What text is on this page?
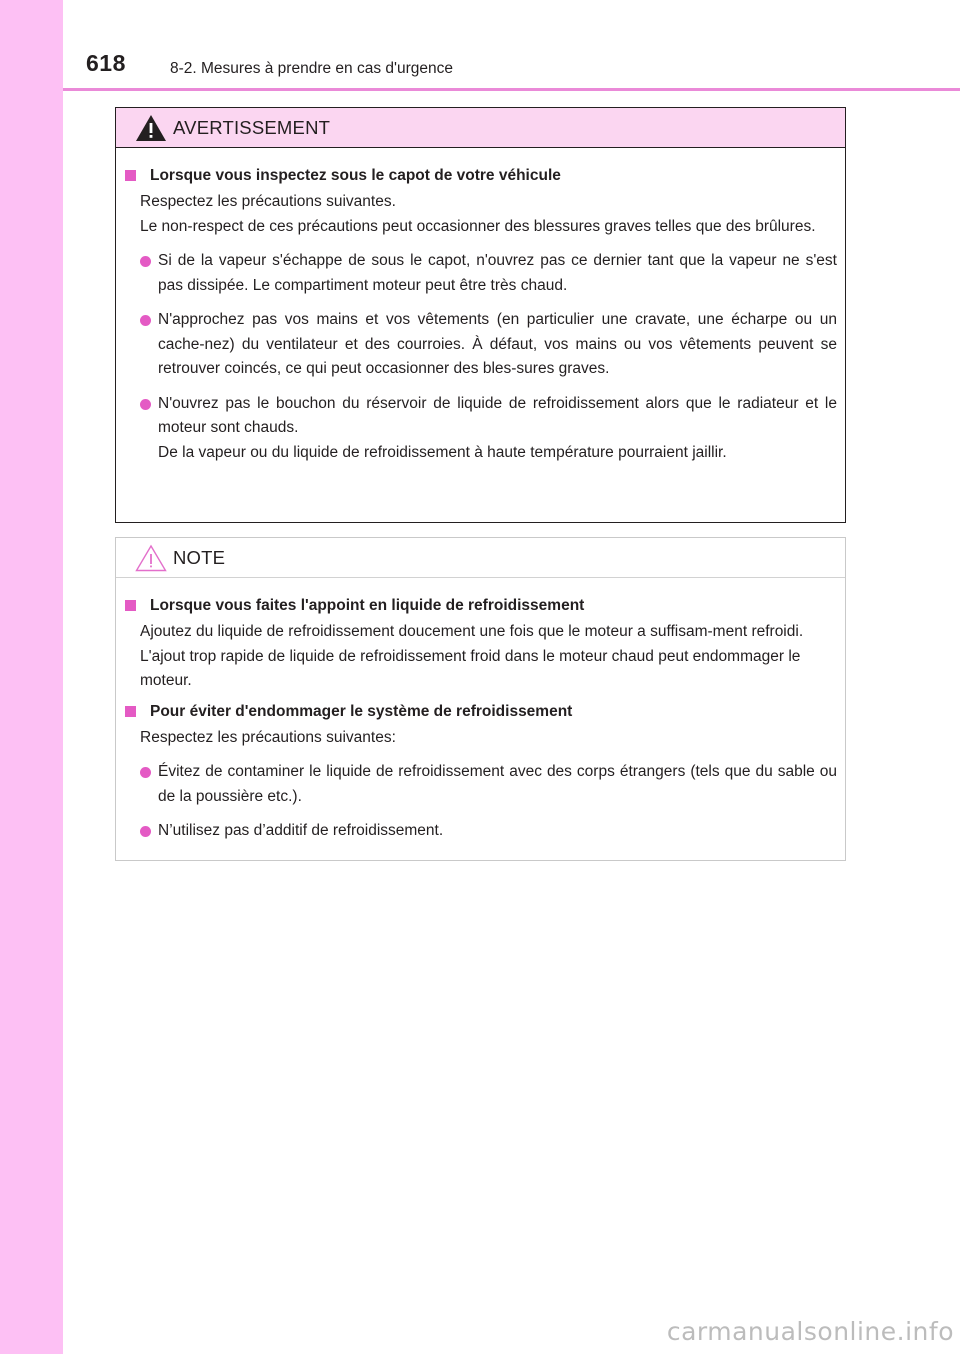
618	8-2. Mesures à prendre en cas d'urgence
AVERTISSEMENT
Lorsque vous inspectez sous le capot de votre véhicule
Respectez les précautions suivantes.
Le non-respect de ces précautions peut occasionner des blessures graves telles que des brûlures.
Si de la vapeur s'échappe de sous le capot, n'ouvrez pas ce dernier tant que la vapeur ne s'est pas dissipée. Le compartiment moteur peut être très chaud.
N'approchez pas vos mains et vos vêtements (en particulier une cravate, une écharpe ou un cache-nez) du ventilateur et des courroies. À défaut, vos mains ou vos vêtements peuvent se retrouver coincés, ce qui peut occasionner des bles-sures graves.
N'ouvrez pas le bouchon du réservoir de liquide de refroidissement alors que le radiateur et le moteur sont chauds.
De la vapeur ou du liquide de refroidissement à haute température pourraient jaillir.
NOTE
Lorsque vous faites l'appoint en liquide de refroidissement
Ajoutez du liquide de refroidissement doucement une fois que le moteur a suffisam-ment refroidi. L'ajout trop rapide de liquide de refroidissement froid dans le moteur chaud peut endommager le moteur.
Pour éviter d'endommager le système de refroidissement
Respectez les précautions suivantes:
Évitez de contaminer le liquide de refroidissement avec des corps étrangers (tels que du sable ou de la poussière etc.).
N’utilisez pas d’additif de refroidissement.
carmanualsonline.info
